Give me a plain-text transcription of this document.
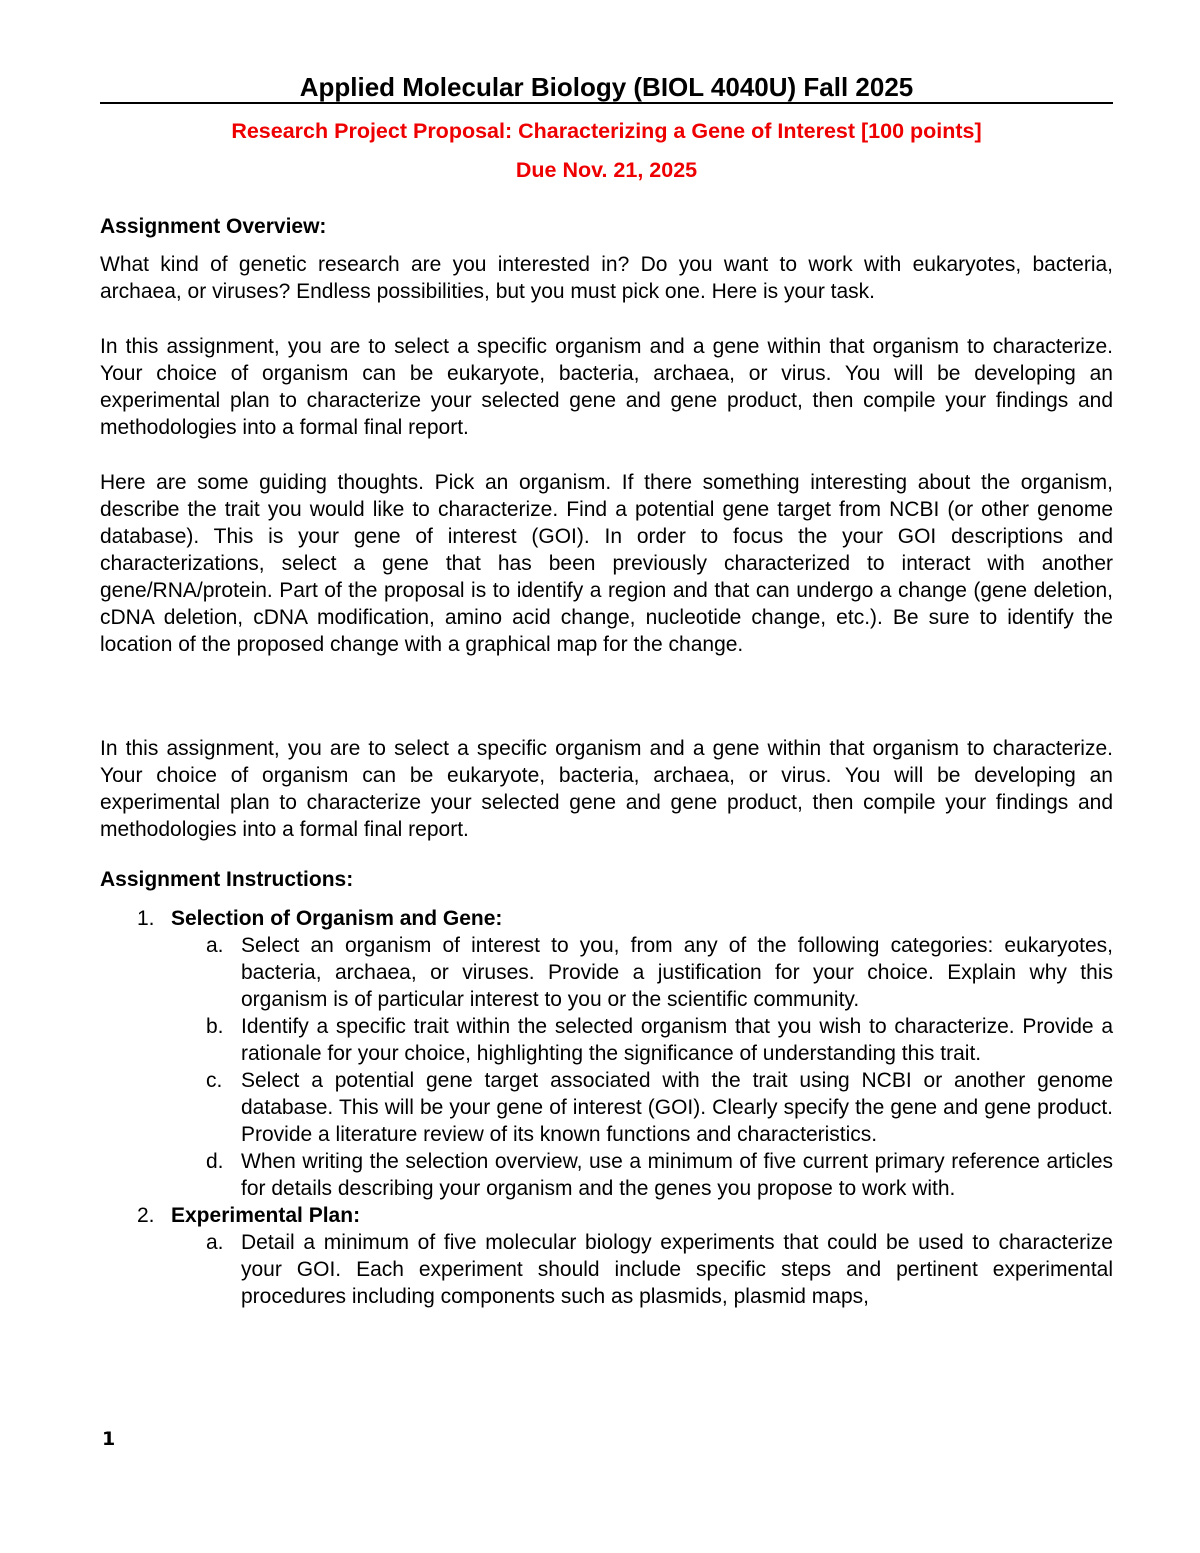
Applied Molecular Biology (BIOL 4040U) Fall 2025
Research Project Proposal: Characterizing a Gene of Interest [100 points]
Due Nov. 21, 2025
Assignment Overview:

What kind of genetic research are you interested in? Do you want to work with eukaryotes, bacteria, archaea, or viruses? Endless possibilities, but you must pick one. Here is your task.

In this assignment, you are to select a specific organism and a gene within that organism to characterize. Your choice of organism can be eukaryote, bacteria, archaea, or virus. You will be developing an experimental plan to characterize your selected gene and gene product, then compile your findings and methodologies into a formal final report.

Here are some guiding thoughts. Pick an organism. If there something interesting about the organism, describe the trait you would like to characterize. Find a potential gene target from NCBI (or other genome database). This is your gene of interest (GOI). In order to focus the your GOI descriptions and characterizations, select a gene that has been previously characterized to interact with another gene/RNA/protein. Part of the proposal is to identify a region and that can undergo a change (gene deletion, cDNA deletion, cDNA modification, amino acid change, nucleotide change, etc.). Be sure to identify the location of the proposed change with a graphical map for the change.

In this assignment, you are to select a specific organism and a gene within that organism to characterize. Your choice of organism can be eukaryote, bacteria, archaea, or virus. You will be developing an experimental plan to characterize your selected gene and gene product, then compile your findings and methodologies into a formal final report.

Assignment Instructions:
1. Selection of Organism and Gene:
a. Select an organism of interest to you, from any of the following categories: eukaryotes, bacteria, archaea, or viruses. Provide a justification for your choice. Explain why this organism is of particular interest to you or the scientific community.
b. Identify a specific trait within the selected organism that you wish to characterize. Provide a rationale for your choice, highlighting the significance of understanding this trait.
c. Select a potential gene target associated with the trait using NCBI or another genome database. This will be your gene of interest (GOI). Clearly specify the gene and gene product. Provide a literature review of its known functions and characteristics.
d. When writing the selection overview, use a minimum of five current primary reference articles for details describing your organism and the genes you propose to work with.
2. Experimental Plan:
a. Detail a minimum of five molecular biology experiments that could be used to characterize your GOI. Each experiment should include specific steps and pertinent experimental procedures including components such as plasmids, plasmid maps,
1
